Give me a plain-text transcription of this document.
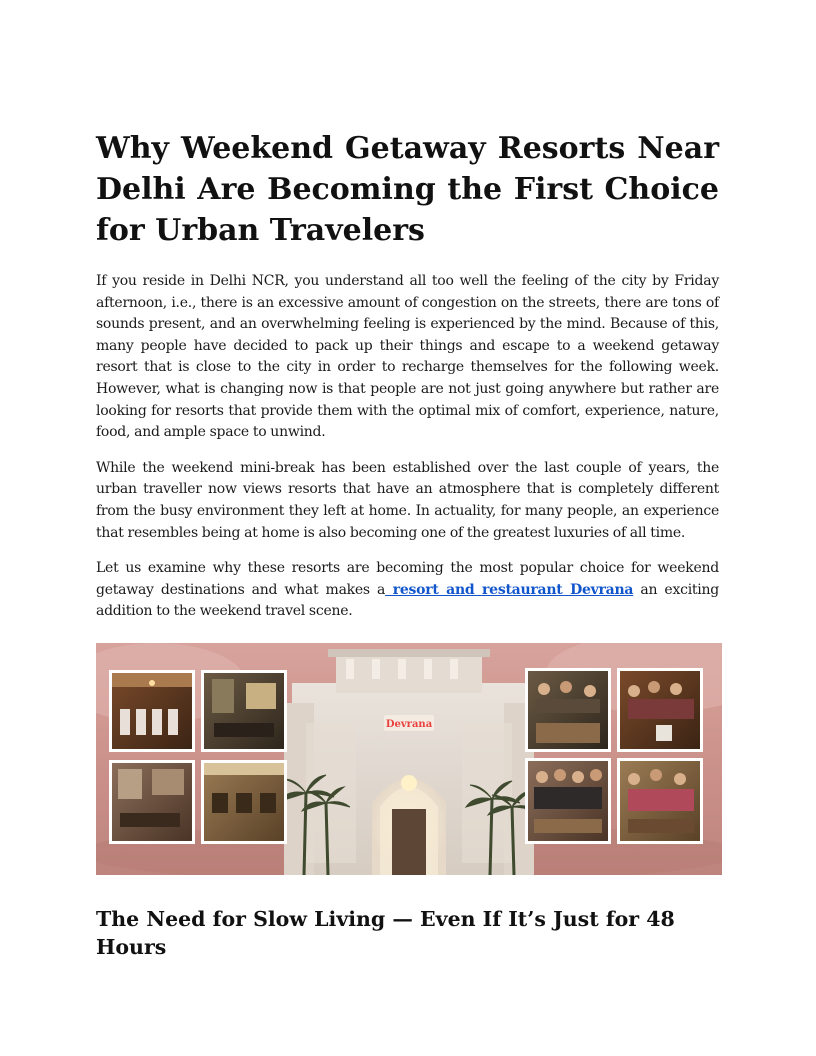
Why Weekend Getaway Resorts Near Delhi Are Becoming the First Choice for Urban Travelers

If you reside in Delhi NCR, you understand all too well the feeling of the city by Friday afternoon, i.e., there is an excessive amount of congestion on the streets, there are tons of sounds present, and an overwhelming feeling is experienced by the mind. Because of this, many people have decided to pack up their things and escape to a weekend getaway resort that is close to the city in order to recharge themselves for the following week. However, what is changing now is that people are not just going anywhere but rather are looking for resorts that provide them with the optimal mix of comfort, experience, nature, food, and ample space to unwind.

While the weekend mini-break has been established over the last couple of years, the urban traveller now views resorts that have an atmosphere that is completely different from the busy environment they left at home. In actuality, for many people, an experience that resembles being at home is also becoming one of the greatest luxuries of all time.

Let us examine why these resorts are becoming the most popular choice for weekend getaway destinations and what makes a resort and restaurant Devrana an exciting addition to the weekend travel scene.

Devrana
The Need for Slow Living — Even If It’s Just for 48 Hours
